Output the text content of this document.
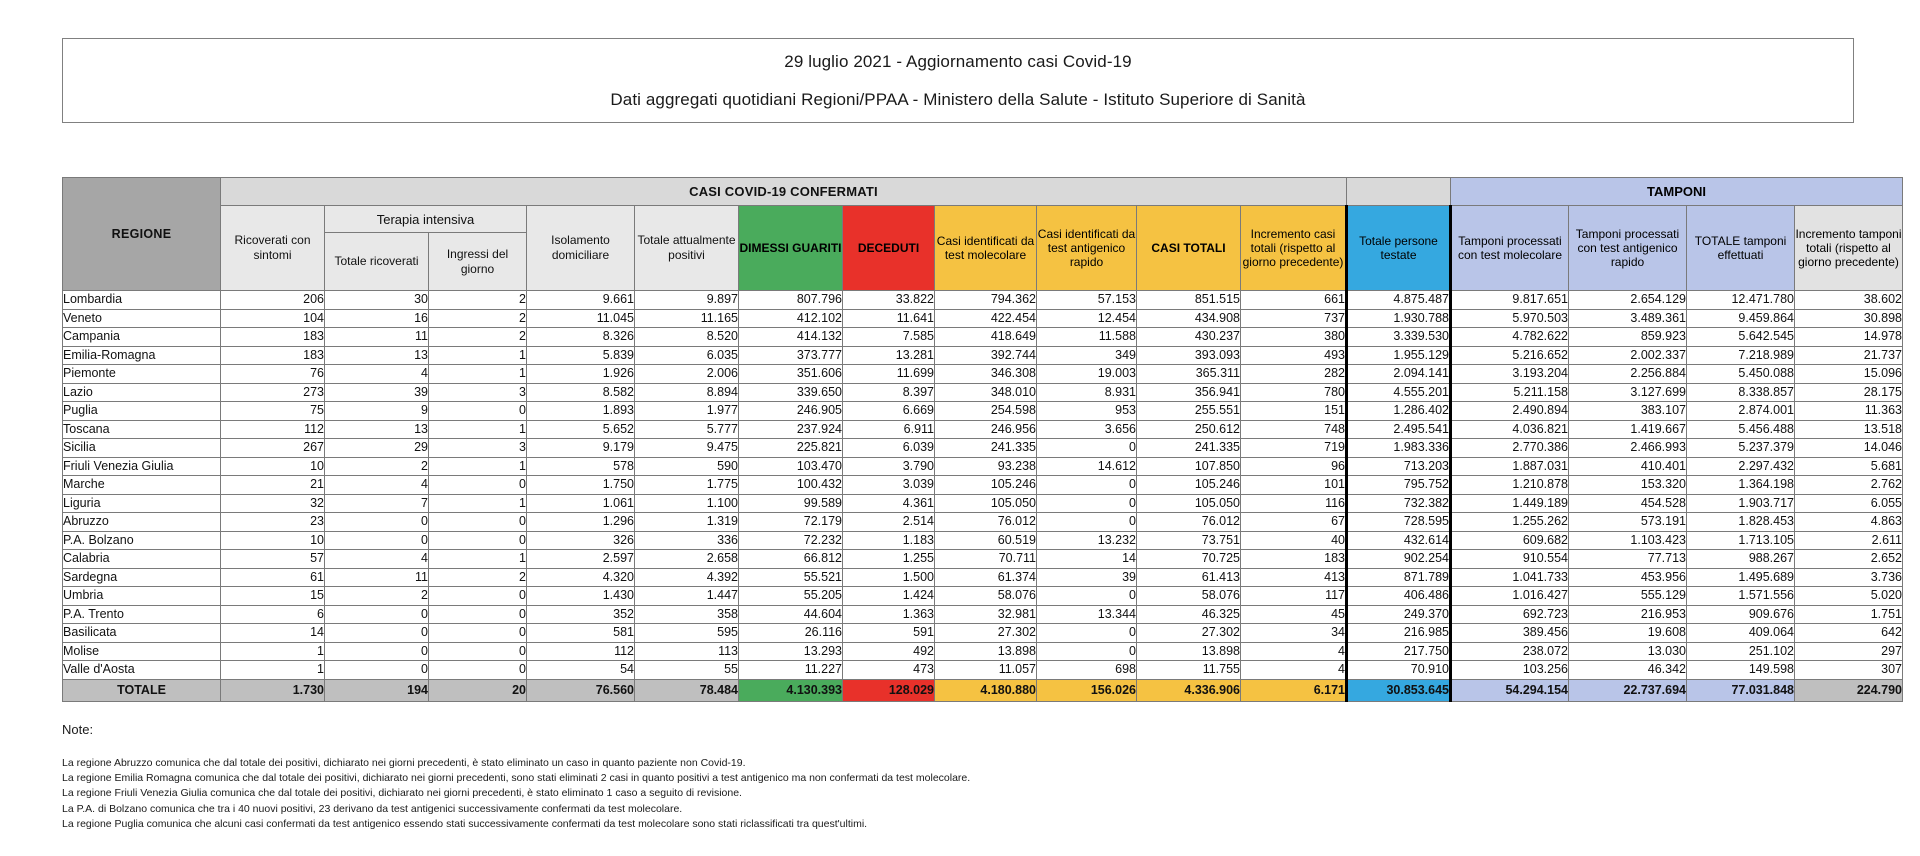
29 luglio 2021 - Aggiornamento casi Covid-19
Dati aggregati quotidiani Regioni/PPAA - Ministero della Salute - Istituto Superiore di Sanità
REGIONE	CASI COVID-19 CONFERMATI												TAMPONI			
	Ricoverati con sintomi	Terapia intensiva		Isolamento domiciliare	Totale attualmente positivi	DIMESSI GUARITI	DECEDUTI	Casi identificati da test molecolare	Casi identificati da test antigenico rapido	CASI TOTALI	Incremento casi totali (rispetto al giorno precedente)	Totale persone testate	Tamponi processati con test molecolare	Tamponi processati con test antigenico rapido	TOTALE tamponi effettuati	Incremento tamponi totali (rispetto al giorno precedente)
		Totale ricoverati	Ingressi del giorno													
Lombardia	206	30	2	9.661	9.897	807.796	33.822	794.362	57.153	851.515	661	4.875.487	9.817.651	2.654.129	12.471.780	38.602
Veneto	104	16	2	11.045	11.165	412.102	11.641	422.454	12.454	434.908	737	1.930.788	5.970.503	3.489.361	9.459.864	30.898
Campania	183	11	2	8.326	8.520	414.132	7.585	418.649	11.588	430.237	380	3.339.530	4.782.622	859.923	5.642.545	14.978
Emilia-Romagna	183	13	1	5.839	6.035	373.777	13.281	392.744	349	393.093	493	1.955.129	5.216.652	2.002.337	7.218.989	21.737
Piemonte	76	4	1	1.926	2.006	351.606	11.699	346.308	19.003	365.311	282	2.094.141	3.193.204	2.256.884	5.450.088	15.096
Lazio	273	39	3	8.582	8.894	339.650	8.397	348.010	8.931	356.941	780	4.555.201	5.211.158	3.127.699	8.338.857	28.175
Puglia	75	9	0	1.893	1.977	246.905	6.669	254.598	953	255.551	151	1.286.402	2.490.894	383.107	2.874.001	11.363
Toscana	112	13	1	5.652	5.777	237.924	6.911	246.956	3.656	250.612	748	2.495.541	4.036.821	1.419.667	5.456.488	13.518
Sicilia	267	29	3	9.179	9.475	225.821	6.039	241.335	0	241.335	719	1.983.336	2.770.386	2.466.993	5.237.379	14.046
Friuli Venezia Giulia	10	2	1	578	590	103.470	3.790	93.238	14.612	107.850	96	713.203	1.887.031	410.401	2.297.432	5.681
Marche	21	4	0	1.750	1.775	100.432	3.039	105.246	0	105.246	101	795.752	1.210.878	153.320	1.364.198	2.762
Liguria	32	7	1	1.061	1.100	99.589	4.361	105.050	0	105.050	116	732.382	1.449.189	454.528	1.903.717	6.055
Abruzzo	23	0	0	1.296	1.319	72.179	2.514	76.012	0	76.012	67	728.595	1.255.262	573.191	1.828.453	4.863
P.A. Bolzano	10	0	0	326	336	72.232	1.183	60.519	13.232	73.751	40	432.614	609.682	1.103.423	1.713.105	2.611
Calabria	57	4	1	2.597	2.658	66.812	1.255	70.711	14	70.725	183	902.254	910.554	77.713	988.267	2.652
Sardegna	61	11	2	4.320	4.392	55.521	1.500	61.374	39	61.413	413	871.789	1.041.733	453.956	1.495.689	3.736
Umbria	15	2	0	1.430	1.447	55.205	1.424	58.076	0	58.076	117	406.486	1.016.427	555.129	1.571.556	5.020
P.A. Trento	6	0	0	352	358	44.604	1.363	32.981	13.344	46.325	45	249.370	692.723	216.953	909.676	1.751
Basilicata	14	0	0	581	595	26.116	591	27.302	0	27.302	34	216.985	389.456	19.608	409.064	642
Molise	1	0	0	112	113	13.293	492	13.898	0	13.898	4	217.750	238.072	13.030	251.102	297
Valle d'Aosta	1	0	0	54	55	11.227	473	11.057	698	11.755	4	70.910	103.256	46.342	149.598	307
TOTALE	1.730	194	20	76.560	78.484	4.130.393	128.029	4.180.880	156.026	4.336.906	6.171	30.853.645	54.294.154	22.737.694	77.031.848	224.790
Note:

La regione Abruzzo comunica che dal totale dei positivi, dichiarato nei giorni precedenti, è stato eliminato un caso in quanto paziente non Covid-19.

La regione Emilia Romagna comunica che dal totale dei positivi, dichiarato nei giorni precedenti, sono stati eliminati 2 casi in quanto positivi a test antigenico ma non confermati da test molecolare.

La regione Friuli Venezia Giulia comunica che dal totale dei positivi, dichiarato nei giorni precedenti, è stato eliminato 1 caso a seguito di revisione.

La P.A. di Bolzano comunica che tra i 40 nuovi positivi, 23 derivano da test antigenici successivamente confermati da test molecolare.

La regione Puglia comunica che alcuni casi confermati da test antigenico essendo stati successivamente confermati da test molecolare sono stati riclassificati tra quest'ultimi.
